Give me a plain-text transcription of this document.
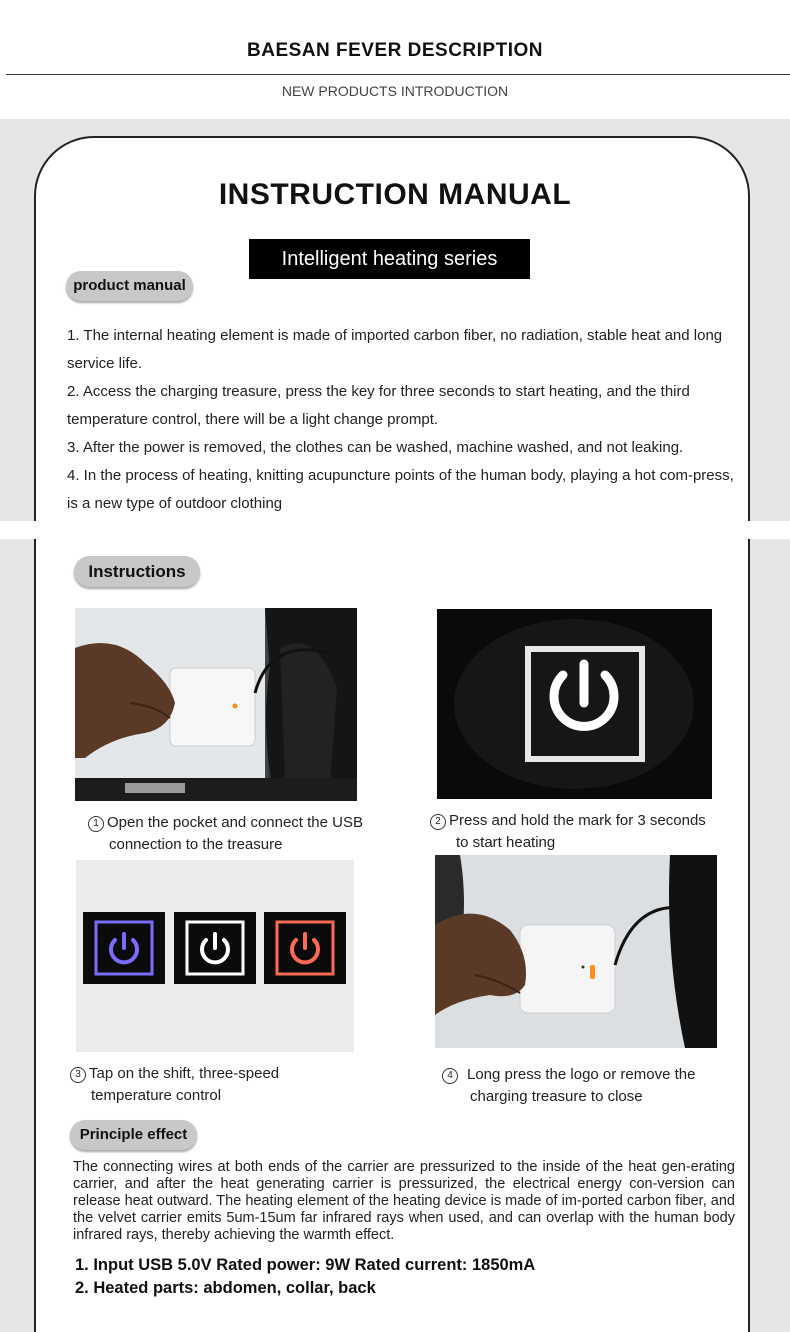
BAESAN FEVER DESCRIPTION
NEW PRODUCTS INTRODUCTION
INSTRUCTION MANUAL
Intelligent heating series
product manual

1. The internal heating element is made of imported carbon fiber, no radiation, stable heat and long service life.

2. Access the charging treasure, press the key for three seconds to start heating, and the third temperature control, there will be a light change prompt.

3. After the power is removed, the clothes can be washed, machine washed, and not leaking.

4. In the process of heating, knitting acupuncture points of the human body, playing a hot com-press, is a new type of outdoor clothing

Instructions
1 Open the pocket and connect the USB
connection to the treasure
2 Press and hold the mark for 3 seconds
to start heating
3 Tap on the shift, three-speed
temperature control
4 Long press the logo or remove the
charging treasure to close
Principle effect
The connecting wires at both ends of the carrier are pressurized to the inside of the heat gen-erating carrier, and after the heat generating carrier is pressurized, the electrical energy con-version can release heat outward. The heating element of the heating device is made of im-ported carbon fiber, and the velvet carrier emits 5um-15um far infrared rays when used, and can overlap with the human body infrared rays, thereby achieving the warmth effect.
1. Input USB 5.0V Rated power: 9W Rated current: 1850mA
2. Heated parts: abdomen, collar, back
